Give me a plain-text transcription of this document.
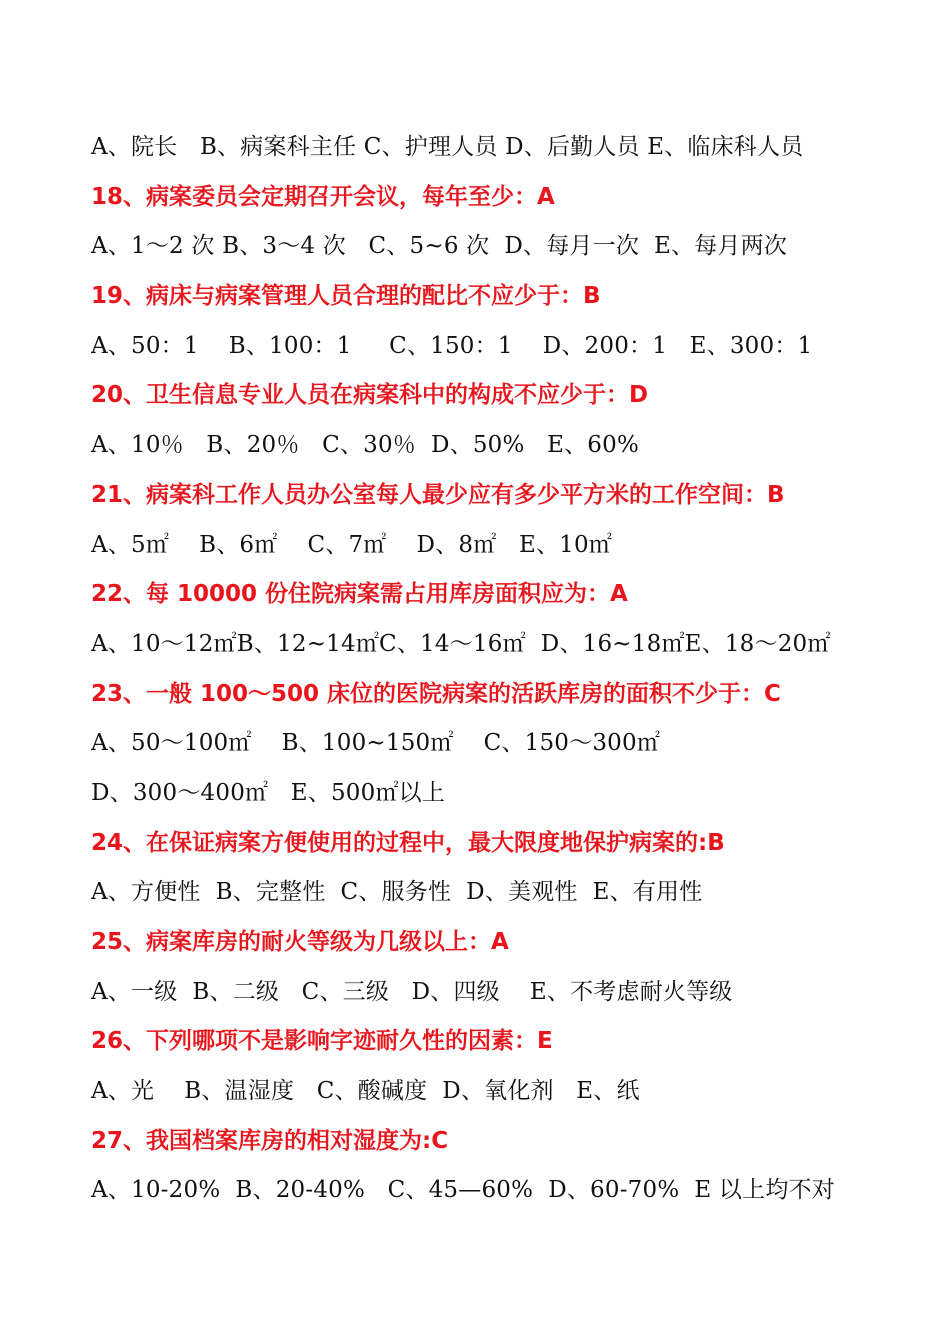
A、院长   B、病案科主任 C、护理人员 D、后勤人员 E、临床科人员
18、病案委员会定期召开会议，每年至少：A
A、1～2 次 B、3～4 次   C、5~6 次  D、每月一次  E、每月两次
19、病床与病案管理人员合理的配比不应少于：B
A、50：1    B、100：1     C、150：1    D、200：1   E、300：1
20、卫生信息专业人员在病案科中的构成不应少于：D
A、10％   B、20％   C、30％  D、50%   E、60%
21、病案科工作人员办公室每人最少应有多少平方米的工作空间：B
A、5㎡    B、6㎡    C、7㎡    D、8㎡   E、10㎡
22、每 10000 份住院病案需占用库房面积应为：A
A、10～12㎡B、12~14㎡C、14～16㎡  D、16~18㎡E、18～20㎡
23、一般 100～500 床位的医院病案的活跃库房的面积不少于：C
A、50～100㎡    B、100~150㎡    C、150～300㎡
D、300～400㎡   E、500㎡以上
24、在保证病案方便使用的过程中，最大限度地保护病案的:B
A、方便性  B、完整性  C、服务性  D、美观性  E、有用性
25、病案库房的耐火等级为几级以上：A
A、一级  B、二级   C、三级   D、四级    E、不考虑耐火等级
26、下列哪项不是影响字迹耐久性的因素：E
A、光    B、温湿度   C、酸碱度  D、氧化剂   E、纸
27、我国档案库房的相对湿度为:C
A、10-20%  B、20-40%   C、45—60%  D、60-70%  E 以上均不对
